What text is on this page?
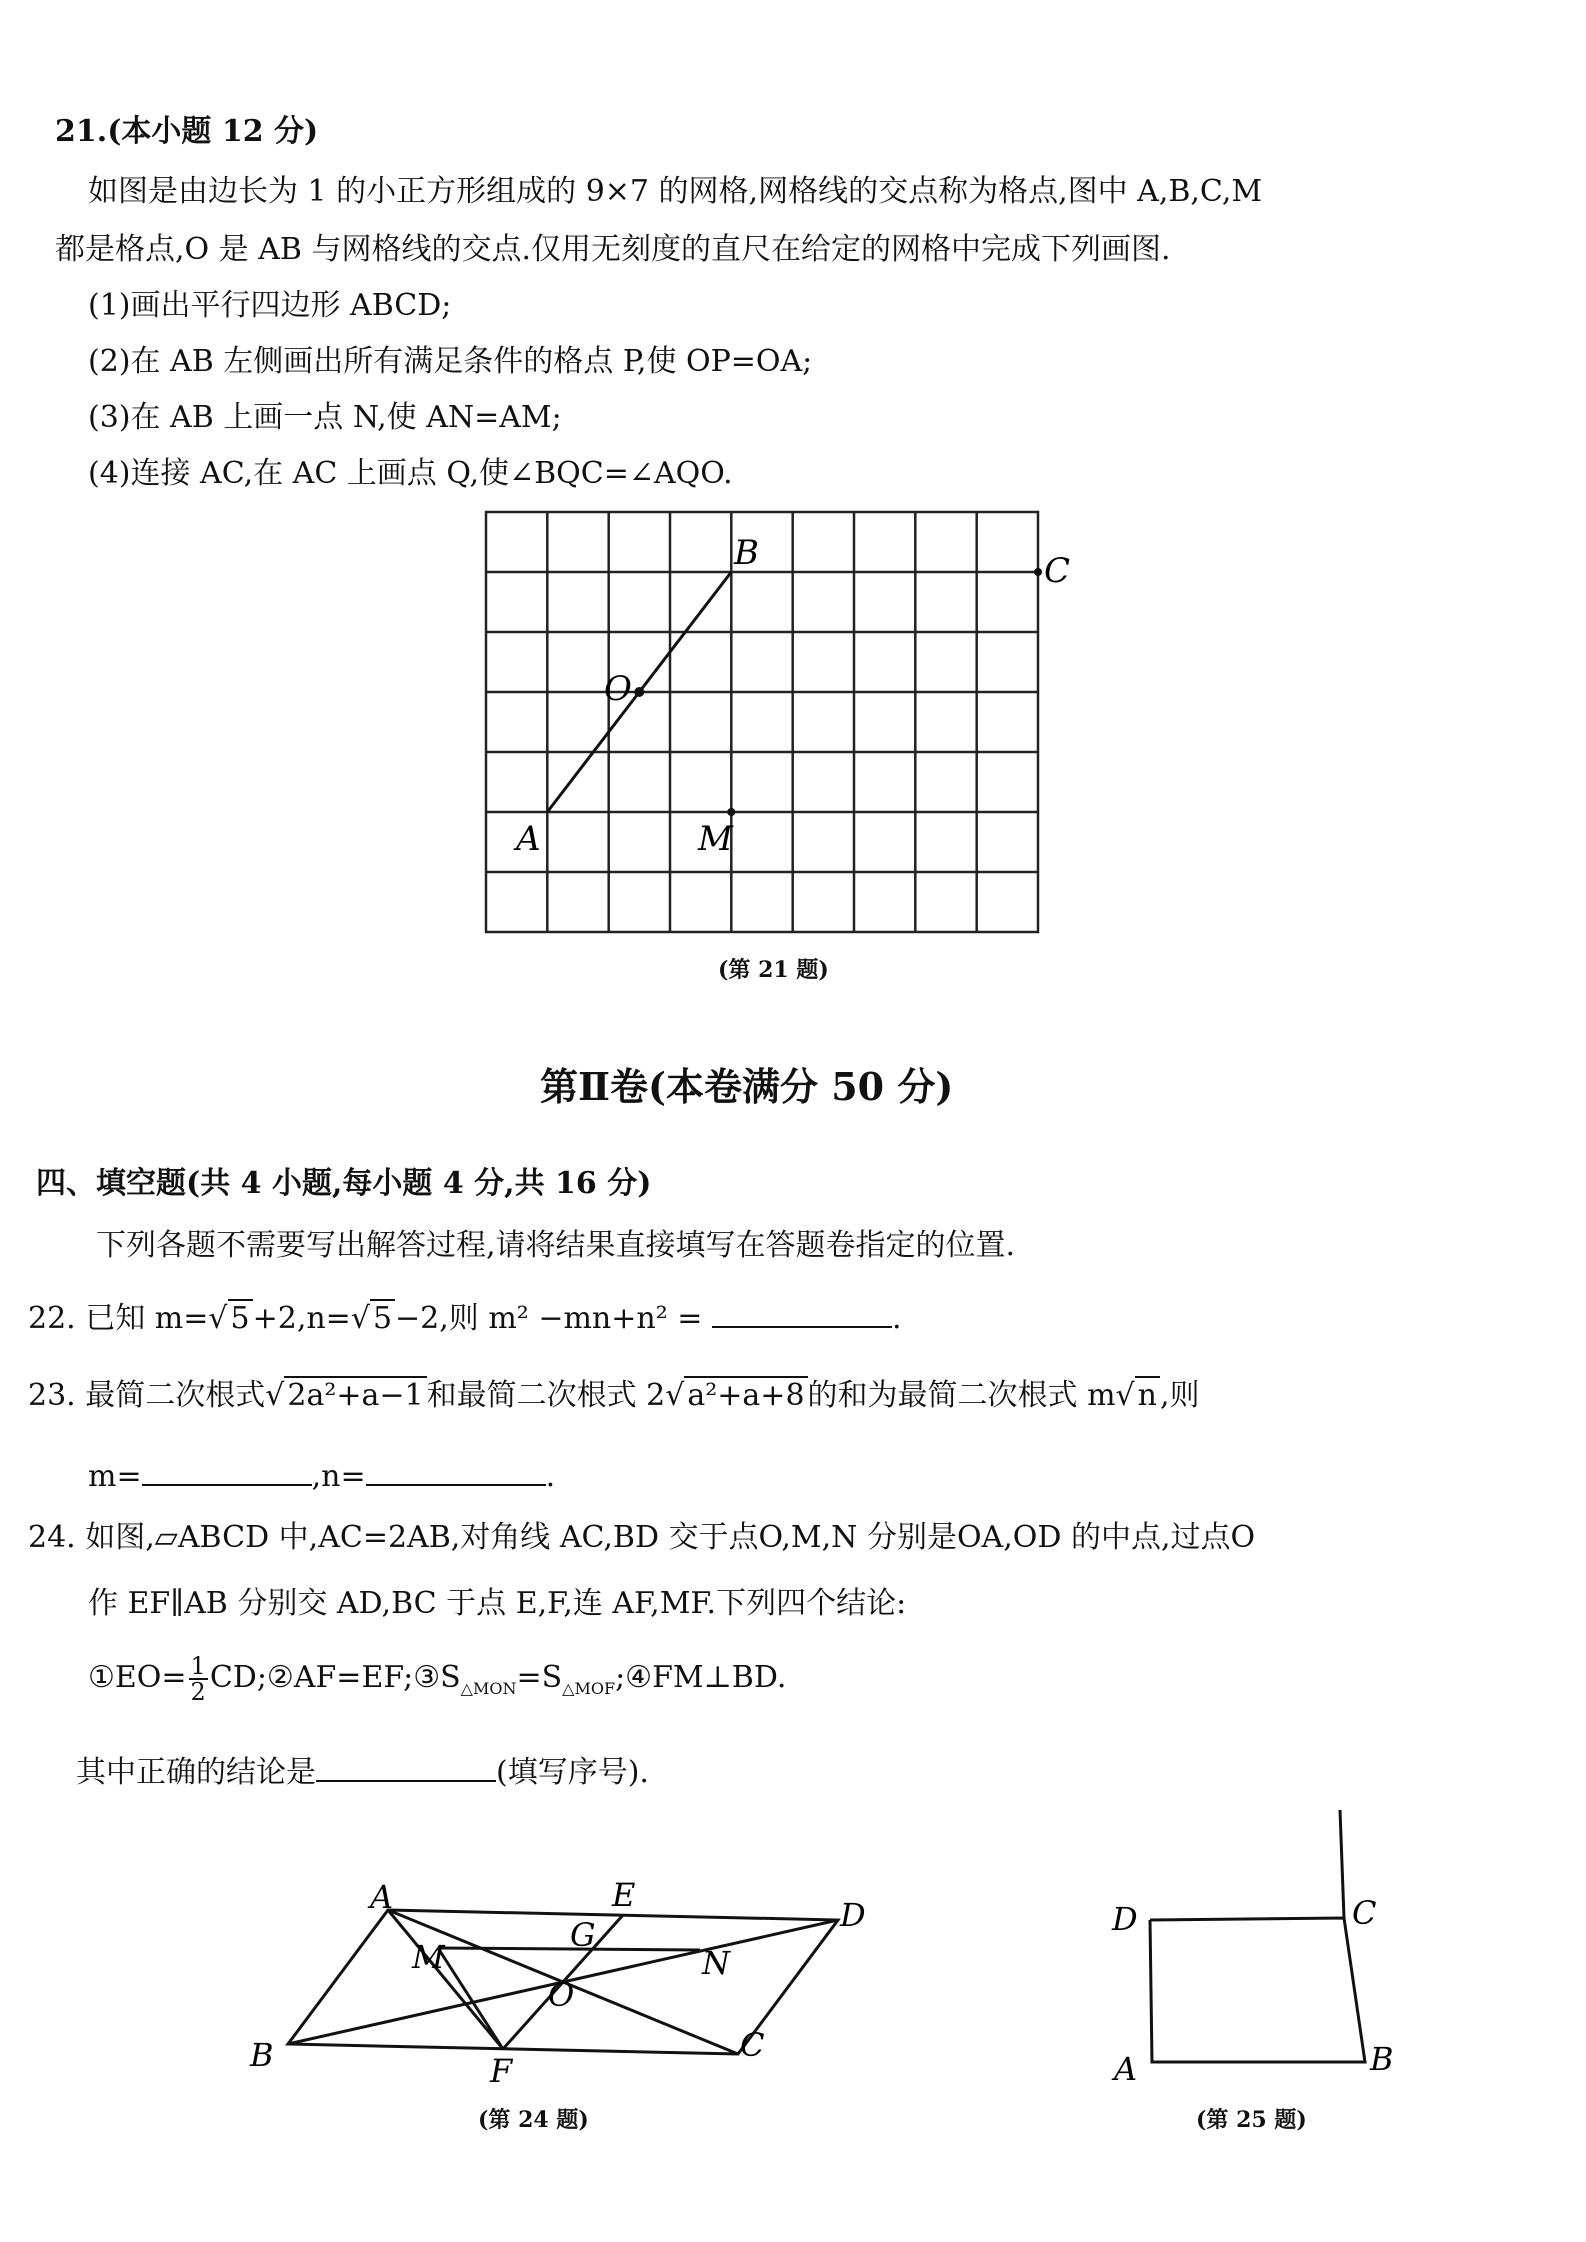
21.(本小题 12 分)
如图是由边长为 1 的小正方形组成的 9×7 的网格,网格线的交点称为格点,图中 A,B,C,M
都是格点,O 是 AB 与网格线的交点.仅用无刻度的直尺在给定的网格中完成下列画图.
(1)画出平行四边形 ABCD;
(2)在 AB 左侧画出所有满足条件的格点 P,使 OP=OA;
(3)在 AB 上画一点 N,使 AN=AM;
(4)连接 AC,在 AC 上画点 Q,使∠BQC=∠AQO.
B	C
O
A	M
(第 21 题)
第Ⅱ卷(本卷满分 50 分)
四、填空题(共 4 小题,每小题 4 分,共 16 分)
下列各题不需要写出解答过程,请将结果直接填写在答题卷指定的位置.
22. 已知 m=√ 5 +2,n=√ 5 −2,则 m² −mn+n² =	.
23. 最简二次根式√ 2a²+a−1 和最简二次根式 2√ a²+a+8 的和为最简二次根式 m√ n ,则
m=	,n=	.
24. 如图,▱ABCD 中,AC=2AB,对角线 AC,BD 交于点O,M,N 分别是OA,OD 的中点,过点O
作 EF∥AB 分别交 AD,BC 于点 E,F,连 AF,MF.下列四个结论:
①EO= $\frac{1}{2}$ $CD;②AF=EF;③S_{\triangle MON}=S_{\triangle MOF};④FM\perp BD$.
其中正确的结论是	(填写序号).
A	E
D
G
M	N
O
B	F
C
(第 24 题)
D	C
A	B
(第 25 题)
